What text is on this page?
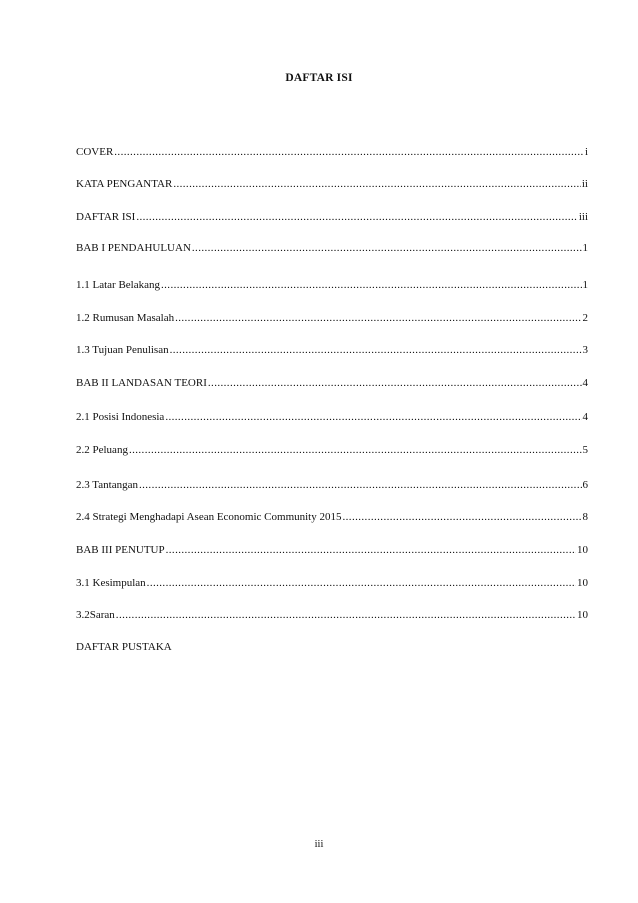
DAFTAR ISI
COVER .....	i
KATA PENGANTAR .....	ii
DAFTAR ISI .....	iii
BAB I PENDAHULUAN .....	1
1.1 Latar Belakang .....	1
1.2 Rumusan Masalah .....	2
1.3 Tujuan Penulisan .....	3
BAB II LANDASAN TEORI .....	4
2.1 Posisi Indonesia .....	4
2.2 Peluang .....	5
2.3 Tantangan .....	6
2.4 Strategi Menghadapi Asean Economic Community 2015 .....	8
BAB III PENUTUP .....	10
3.1 Kesimpulan .....	10
3.2Saran .....	10
DAFTAR PUSTAKA
iii
